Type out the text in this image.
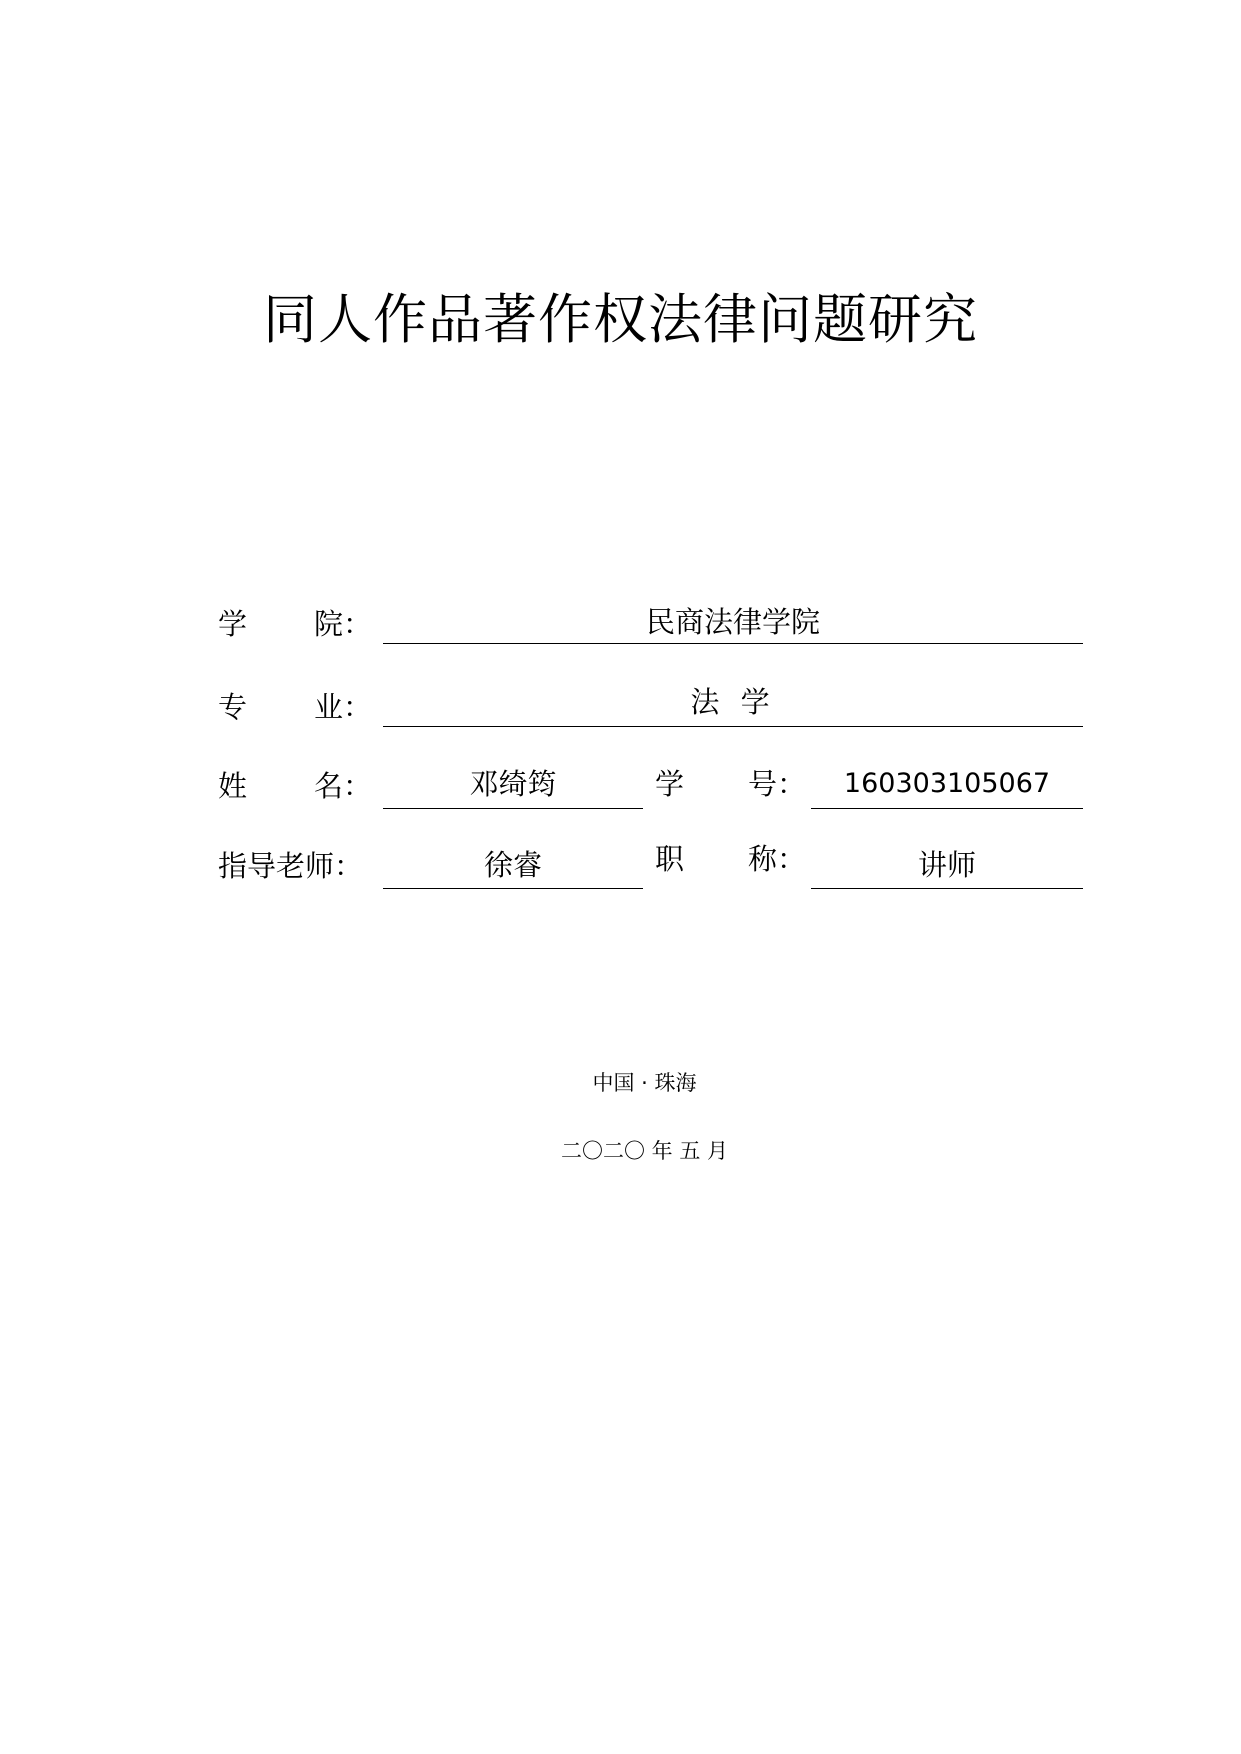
同人作品著作权法律问题研究
学 院：	民商法律学院
专 业：	法 学
姓 名：	邓绮筠	学 号：	160303105067
指导老师：	徐睿	职 称：	讲师
中国 · 珠海
二〇二〇 年 五 月
